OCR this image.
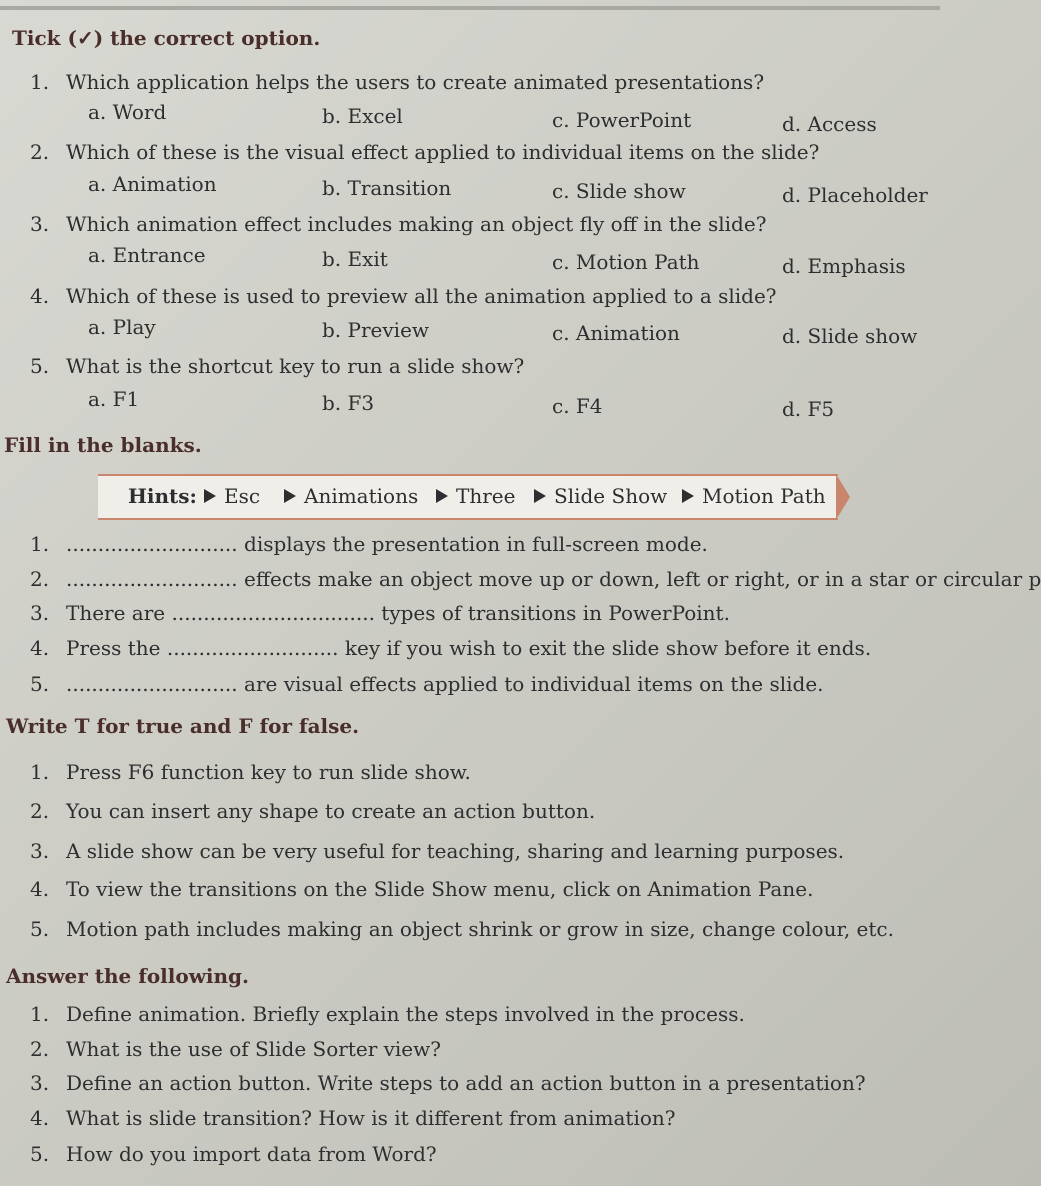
Tick (✓) the correct option.
1. Which application helps the users to create animated presentations?
a. Word	b. Excel	c. PowerPoint	d. Access
2. Which of these is the visual effect applied to individual items on the slide?
a. Animation	b. Transition	c. Slide show	d. Placeholder
3. Which animation effect includes making an object fly off in the slide?
a. Entrance	b. Exit	c. Motion Path	d. Emphasis
4. Which of these is used to preview all the animation applied to a slide?
a. Play	b. Preview	c. Animation	d. Slide show
5. What is the shortcut key to run a slide show?
a. F1	b. F3	c. F4	d. F5
Fill in the blanks.
Hints:	Esc	Animations	Three	Slide Show	Motion Path
1. ........................... displays the presentation in full-screen mode.
2. ........................... effects make an object move up or down, left or right, or in a star or circular p
3. There are ................................ types of transitions in PowerPoint.
4. Press the ........................... key if you wish to exit the slide show before it ends.
5. ........................... are visual effects applied to individual items on the slide.
Write T for true and F for false.
1. Press F6 function key to run slide show.
2. You can insert any shape to create an action button.
3. A slide show can be very useful for teaching, sharing and learning purposes.
4. To view the transitions on the Slide Show menu, click on Animation Pane.
5. Motion path includes making an object shrink or grow in size, change colour, etc.
Answer the following.
1. Define animation. Briefly explain the steps involved in the process.
2. What is the use of Slide Sorter view?
3. Define an action button. Write steps to add an action button in a presentation?
4. What is slide transition? How is it different from animation?
5. How do you import data from Word?
